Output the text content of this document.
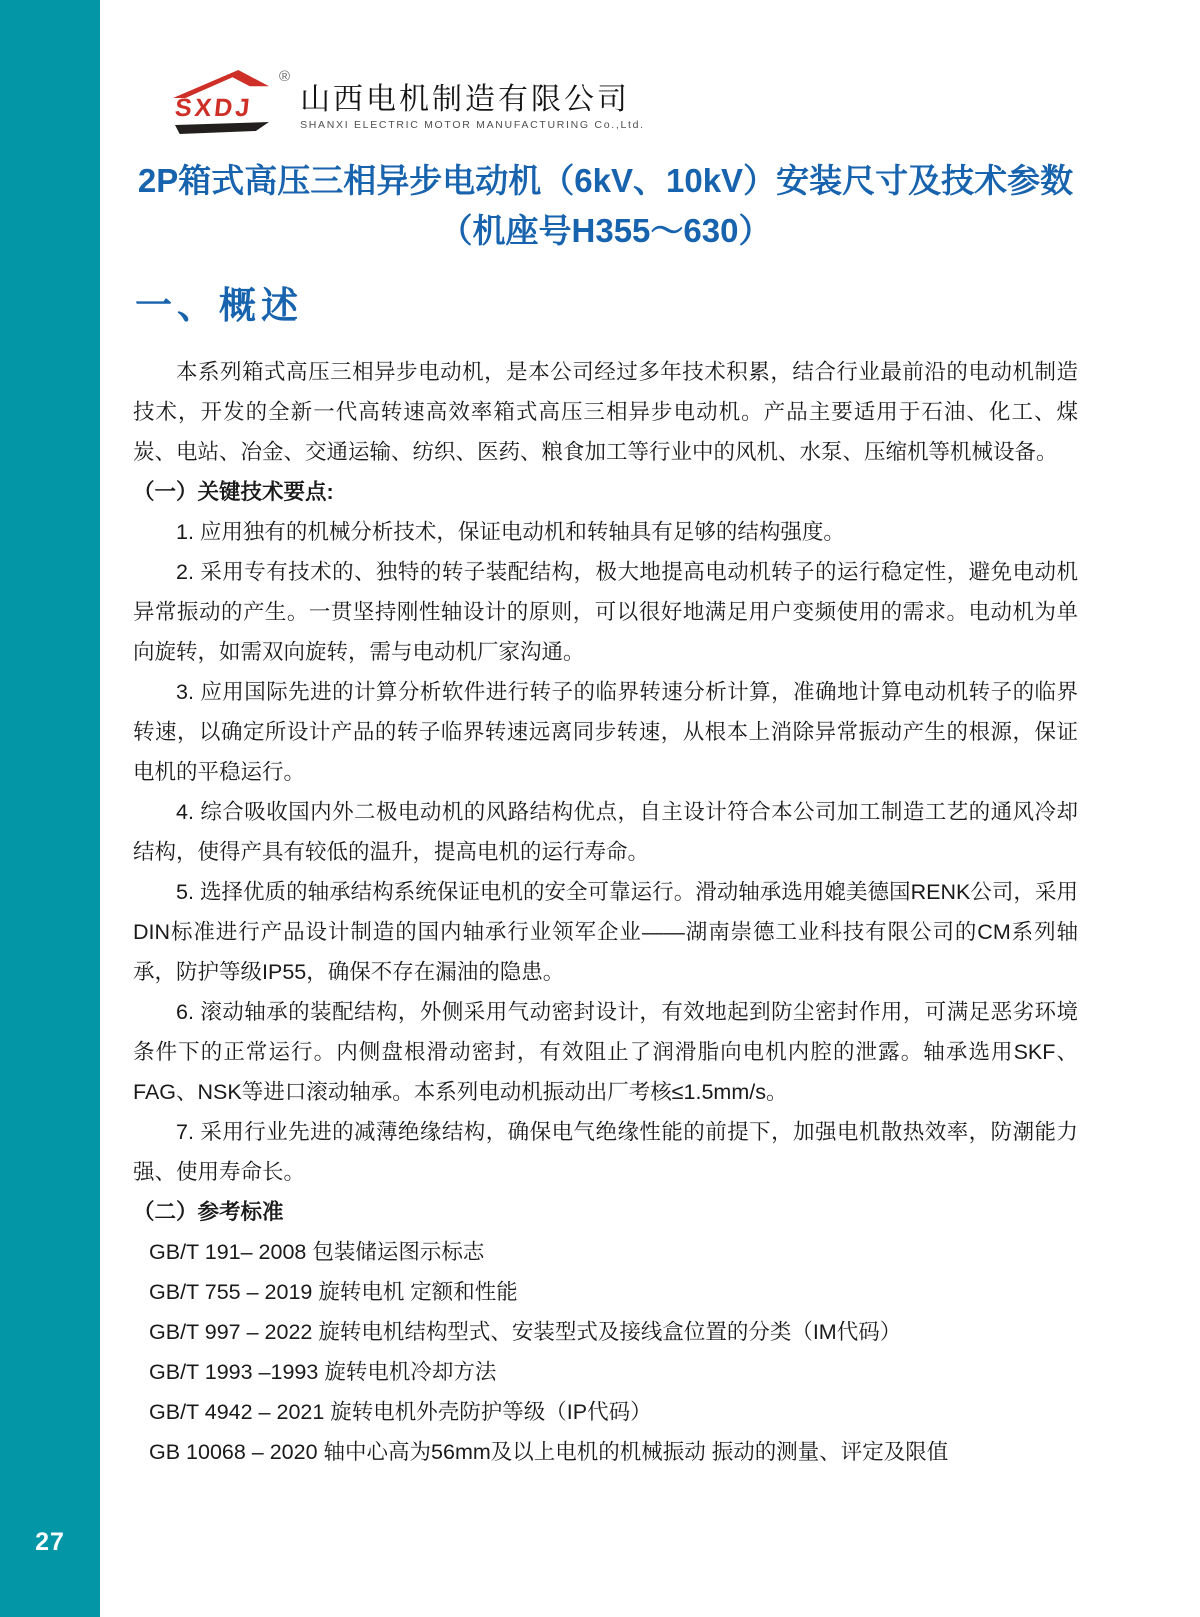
27
SXDJ
®
山西电机制造有限公司
SHANXI ELECTRIC MOTOR MANUFACTURING Co.,Ltd.
2P箱式高压三相异步电动机（6kV、10kV）安装尺寸及技术参数
（机座号H355～630）
一、概述

本系列箱式高压三相异步电动机，是本公司经过多年技术积累，结合行业最前沿的电动机制造技术，开发的全新一代高转速高效率箱式高压三相异步电动机。产品主要适用于石油、化工、煤炭、电站、冶金、交通运输、纺织、医药、粮食加工等行业中的风机、水泵、压缩机等机械设备。

（一）关键技术要点:

1. 应用独有的机械分析技术，保证电动机和转轴具有足够的结构强度。

2. 采用专有技术的、独特的转子装配结构，极大地提高电动机转子的运行稳定性，避免电动机异常振动的产生。一贯坚持刚性轴设计的原则，可以很好地满足用户变频使用的需求。电动机为单向旋转，如需双向旋转，需与电动机厂家沟通。

3. 应用国际先进的计算分析软件进行转子的临界转速分析计算，准确地计算电动机转子的临界转速，以确定所设计产品的转子临界转速远离同步转速，从根本上消除异常振动产生的根源，保证电机的平稳运行。

4. 综合吸收国内外二极电动机的风路结构优点，自主设计符合本公司加工制造工艺的通风冷却结构，使得产具有较低的温升，提高电机的运行寿命。

5. 选择优质的轴承结构系统保证电机的安全可靠运行。滑动轴承选用媲美德国RENK公司，采用DIN标准进行产品设计制造的国内轴承行业领军企业——湖南崇德工业科技有限公司的CM系列轴承，防护等级IP55，确保不存在漏油的隐患。

6. 滚动轴承的装配结构，外侧采用气动密封设计，有效地起到防尘密封作用，可满足恶劣环境条件下的正常运行。内侧盘根滑动密封，有效阻止了润滑脂向电机内腔的泄露。轴承选用SKF、FAG、NSK等进口滚动轴承。本系列电动机振动出厂考核≤1.5mm/s。

7. 采用行业先进的减薄绝缘结构，确保电气绝缘性能的前提下，加强电机散热效率，防潮能力强、使用寿命长。

（二）参考标准

GB/T 191– 2008 包装储运图示标志

GB/T 755 – 2019 旋转电机 定额和性能

GB/T 997 – 2022 旋转电机结构型式、安装型式及接线盒位置的分类（IM代码）

GB/T 1993 –1993 旋转电机冷却方法

GB/T 4942 – 2021 旋转电机外壳防护等级（IP代码）

GB 10068 – 2020 轴中心高为56mm及以上电机的机械振动 振动的测量、评定及限值
